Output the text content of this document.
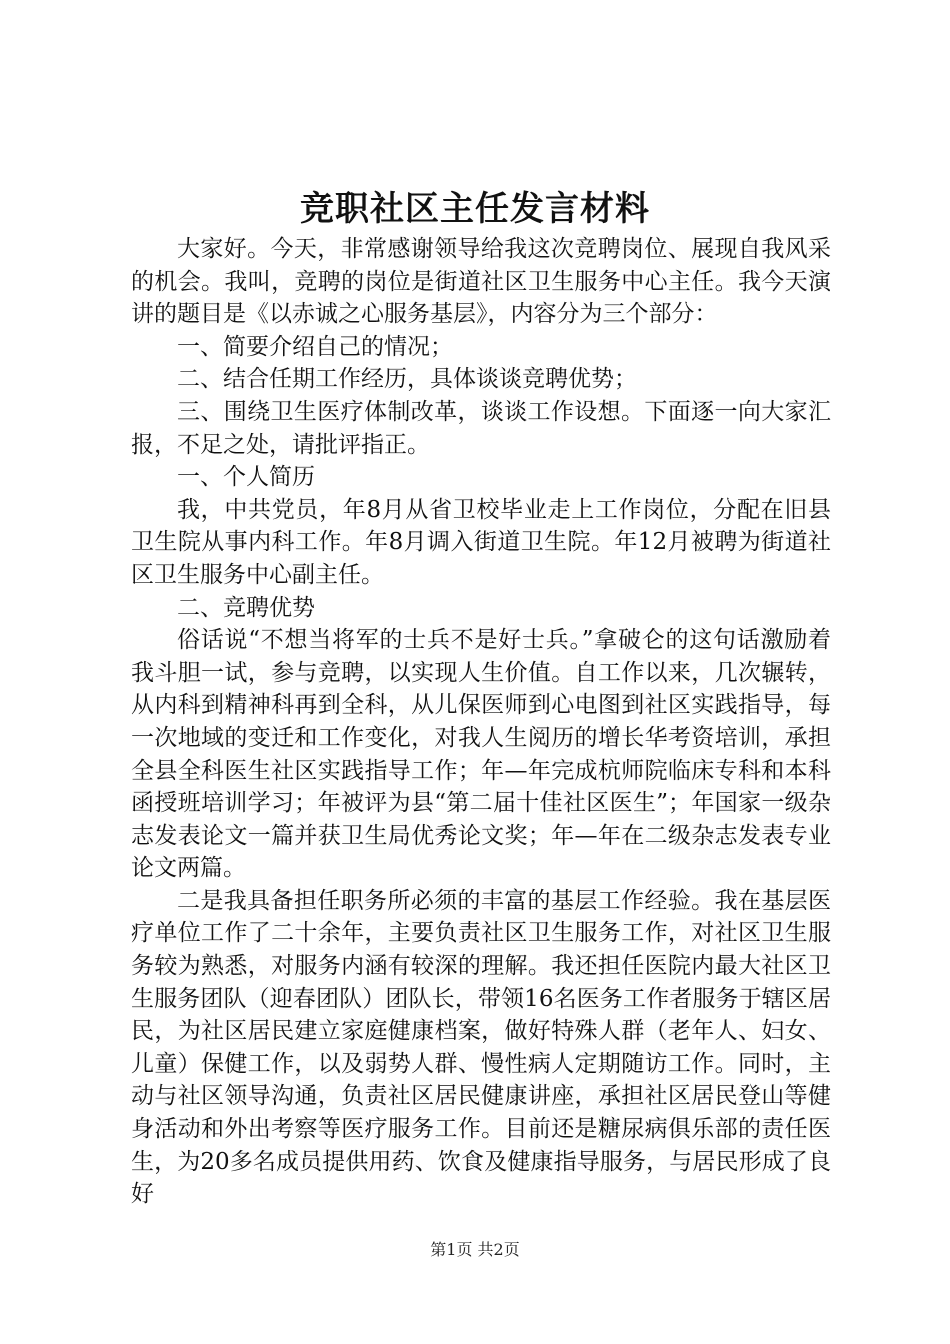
竞职社区主任发言材料

大家好。今天，非常感谢领导给我这次竞聘岗位、展现自我风采的机会。我叫，竞聘的岗位是街道社区卫生服务中心主任。我今天演讲的题目是《以赤诚之心服务基层》，内容分为三个部分：

一、简要介绍自己的情况；

二、结合任期工作经历，具体谈谈竞聘优势；

三、围绕卫生医疗体制改革，谈谈工作设想。下面逐一向大家汇报，不足之处，请批评指正。

一、个人简历

我，中共党员，年8月从省卫校毕业走上工作岗位，分配在旧县卫生院从事内科工作。年8月调入街道卫生院。年12月被聘为街道社区卫生服务中心副主任。

二、竞聘优势

俗话说“不想当将军的士兵不是好士兵。”拿破仑的这句话激励着我斗胆一试，参与竞聘，以实现人生价值。自工作以来，几次辗转，从内科到精神科再到全科，从儿保医师到心电图到社区实践指导，每一次地域的变迁和工作变化，对我人生阅历的增长华考资培训，承担全县全科医生社区实践指导工作；年—年完成杭师院临床专科和本科函授班培训学习；年被评为县“第二届十佳社区医生”；年国家一级杂志发表论文一篇并获卫生局优秀论文奖；年—年在二级杂志发表专业论文两篇。

二是我具备担任职务所必须的丰富的基层工作经验。我在基层医疗单位工作了二十余年，主要负责社区卫生服务工作，对社区卫生服务较为熟悉，对服务内涵有较深的理解。我还担任医院内最大社区卫生服务团队（迎春团队）团队长，带领16名医务工作者服务于辖区居民，为社区居民建立家庭健康档案，做好特殊人群（老年人、妇女、儿童）保健工作，以及弱势人群、慢性病人定期随访工作。同时，主动与社区领导沟通，负责社区居民健康讲座，承担社区居民登山等健身活动和外出考察等医疗服务工作。目前还是糖尿病俱乐部的责任医生，为20多名成员提供用药、饮食及健康指导服务，与居民形成了良好

第1页 共2页
